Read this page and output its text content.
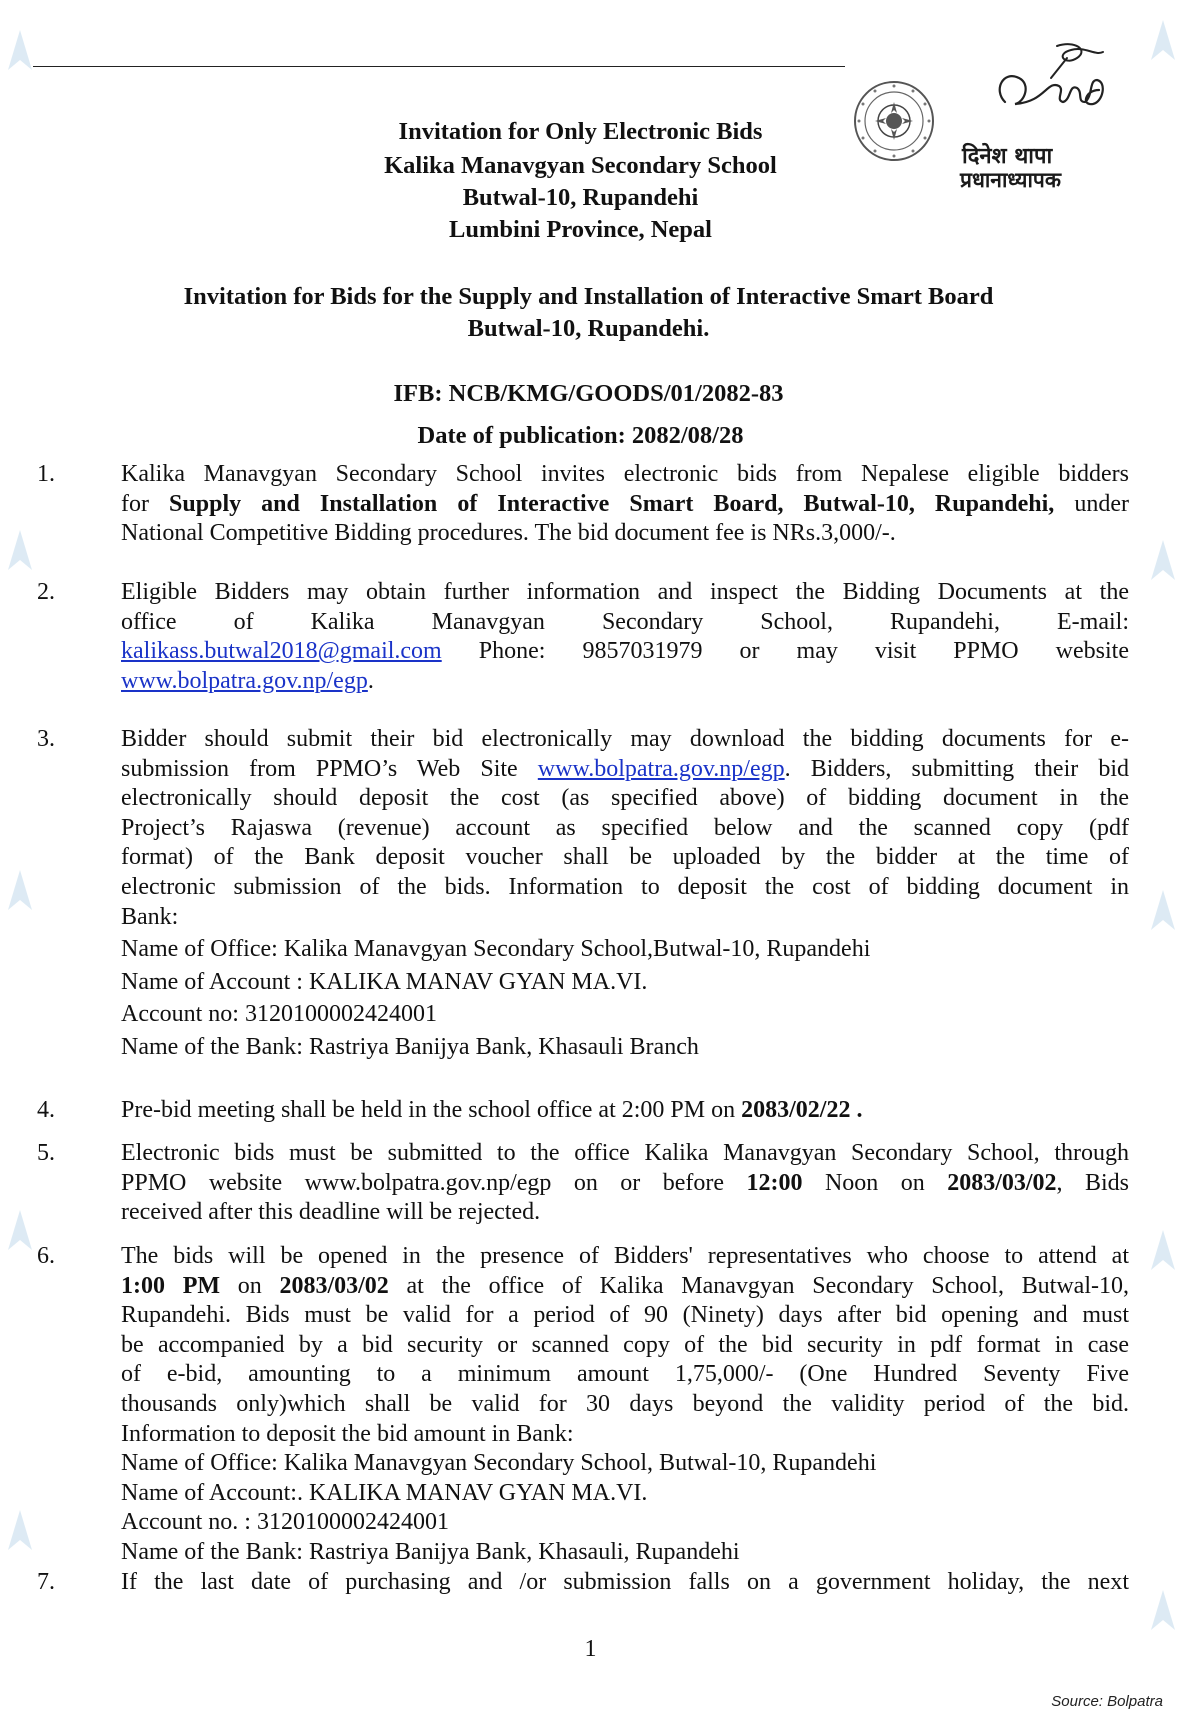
Invitation for Only Electronic Bids
Kalika Manavgyan Secondary School
Butwal-10, Rupandehi
Lumbini Province, Nepal
दिनेश थापा
प्रधानाध्यापक
Invitation for Bids for the Supply and Installation of Interactive Smart Board
Butwal-10, Rupandehi.
IFB: NCB/KMG/GOODS/01/2082-83
Date of publication: 2082/08/28
1.	Kalika Manavgyan Secondary School invites electronic bids from Nepalese eligible bidders
for Supply and Installation of Interactive Smart Board, Butwal-10, Rupandehi, under
National Competitive Bidding procedures. The bid document fee is NRs.3,000/-.
2.	Eligible Bidders may obtain further information and inspect the Bidding Documents at the
office of Kalika Manavgyan Secondary School, Rupandehi, E-mail:
kalikass.butwal2018@gmail.com Phone: 9857031979 or may visit PPMO website
www.bolpatra.gov.np/egp.
3.	Bidder should submit their bid electronically may download the bidding documents for e-
submission from PPMO’s Web Site www.bolpatra.gov.np/egp. Bidders, submitting their bid
electronically should deposit the cost (as specified above) of bidding document in the
Project’s Rajaswa (revenue) account as specified below and the scanned copy (pdf
format) of the Bank deposit voucher shall be uploaded by the bidder at the time of
electronic submission of the bids. Information to deposit the cost of bidding document in
Bank:
Name of Office: Kalika Manavgyan Secondary School,Butwal-10, Rupandehi
Name of Account : KALIKA MANAV GYAN MA.VI.
Account no: 3120100002424001
Name of the Bank: Rastriya Banijya Bank, Khasauli Branch
4.	Pre-bid meeting shall be held in the school office at 2:00 PM on 2083/02/22 .
5.	Electronic bids must be submitted to the office Kalika Manavgyan Secondary School, through
PPMO website www.bolpatra.gov.np/egp on or before 12:00 Noon on 2083/03/02, Bids
received after this deadline will be rejected.
6.	The bids will be opened in the presence of Bidders' representatives who choose to attend at
1:00 PM on 2083/03/02 at the office of Kalika Manavgyan Secondary School, Butwal-10,
Rupandehi. Bids must be valid for a period of 90 (Ninety) days after bid opening and must
be accompanied by a bid security or scanned copy of the bid security in pdf format in case
of e-bid, amounting to a minimum amount 1,75,000/- (One Hundred Seventy Five
thousands only)which shall be valid for 30 days beyond the validity period of the bid.
Information to deposit the bid amount in Bank:
Name of Office: Kalika Manavgyan Secondary School, Butwal-10, Rupandehi
Name of Account:. KALIKA MANAV GYAN MA.VI.
Account no. : 3120100002424001
Name of the Bank: Rastriya Banijya Bank, Khasauli, Rupandehi
7.	If the last date of purchasing and /or submission falls on a government holiday, the next
1
Source: Bolpatra
